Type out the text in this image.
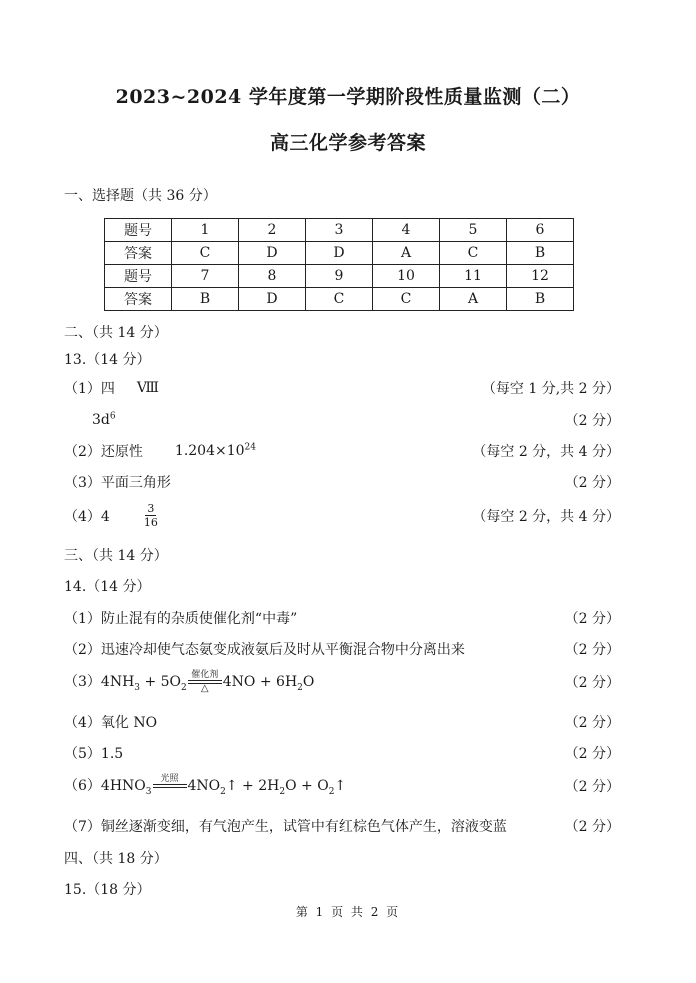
2023~2024 学年度第一学期阶段性质量监测（二）
高三化学参考答案
一、选择题（共 36 分）
题号	1	2	3	4	5	6
答案	C	D	D	A	C	B
题号	7	8	9	10	11	12
答案	B	D	C	C	A	B
二、（共 14 分）
13.（14 分）
（1）四 Ⅷ	（每空 1 分,共 2 分）
$3d^6$	（2 分）
（2）还原性 $1.204\times 10^{24}$	（每空 2 分，共 4 分）
（3）平面三角形	（2 分）
（4）4	$\frac{3}{16}$	（每空 2 分，共 4 分）
三、（共 14 分）
14.（14 分）
（1）防止混有的杂质使催化剂“中毒”	（2 分）
（2）迅速冷却使气态氨变成液氨后及时从平衡混合物中分离出来	（2 分）
$(3)4NH_3 + 5O_2$
催化剂
△ $4NO + 6H_2O$	（2 分）
（4）氧化 NO	（2 分）
（5）1.5	（2 分）
$(6)4HNO_3$
光照
$4NO_2↑ + 2H_2O$ + $O_2↑$	（2 分）
（7）铜丝逐渐变细，有气泡产生，试管中有红棕色气体产生，溶液变蓝	（2 分）
四、（共 18 分）
15.（18 分）
第 1 页 共 2 页
